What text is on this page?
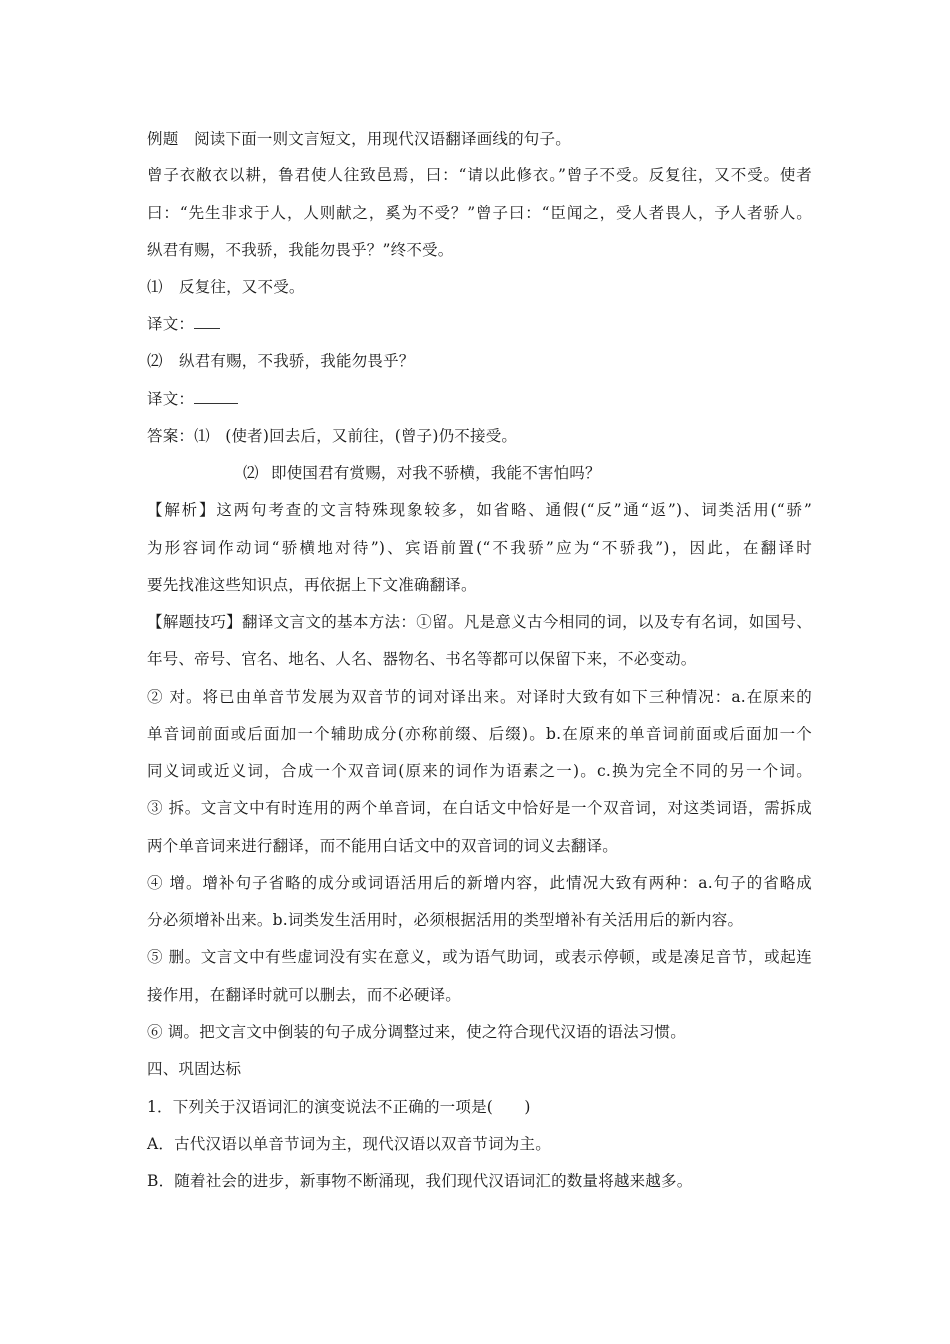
例题　阅读下面一则文言短文，用现代汉语翻译画线的句子。
曾子衣敝衣以耕，鲁君使人往致邑焉，曰：“请以此修衣。”曾子不受。反复往，又不受。使者
曰：“先生非求于人，人则献之，奚为不受？”曾子曰：“臣闻之，受人者畏人，予人者骄人。
纵君有赐，不我骄，我能勿畏乎？”终不受。
⑴ 反复往，又不受。
译文：
⑵ 纵君有赐，不我骄，我能勿畏乎？
译文：
答案：⑴ (使者)回去后，又前往，(曾子)仍不接受。
⑵ 即使国君有赏赐，对我不骄横，我能不害怕吗？
【解析】这两句考查的文言特殊现象较多，如省略、通假(“反”通“返”)、词类活用(“骄”
为形容词作动词“骄横地对待”)、宾语前置(“不我骄”应为“不骄我”)，因此，在翻译时
要先找准这些知识点，再依据上下文准确翻译。
【解题技巧】翻译文言文的基本方法：①留。凡是意义古今相同的词，以及专有名词，如国号、
年号、帝号、官名、地名、人名、器物名、书名等都可以保留下来，不必变动。
② 对。将已由单音节发展为双音节的词对译出来。对译时大致有如下三种情况：a.在原来的
单音词前面或后面加一个辅助成分(亦称前缀、后缀)。b.在原来的单音词前面或后面加一个
同义词或近义词，合成一个双音词(原来的词作为语素之一)。c.换为完全不同的另一个词。
③ 拆。文言文中有时连用的两个单音词，在白话文中恰好是一个双音词，对这类词语，需拆成
两个单音词来进行翻译，而不能用白话文中的双音词的词义去翻译。
④ 增。增补句子省略的成分或词语活用后的新增内容，此情况大致有两种：a.句子的省略成
分必须增补出来。b.词类发生活用时，必须根据活用的类型增补有关活用后的新内容。
⑤ 删。文言文中有些虚词没有实在意义，或为语气助词，或表示停顿，或是凑足音节，或起连
接作用，在翻译时就可以删去，而不必硬译。
⑥ 调。把文言文中倒装的句子成分调整过来，使之符合现代汉语的语法习惯。
四、巩固达标
1．下列关于汉语词汇的演变说法不正确的一项是(　　)
A．古代汉语以单音节词为主，现代汉语以双音节词为主。
B．随着社会的进步，新事物不断涌现，我们现代汉语词汇的数量将越来越多。
